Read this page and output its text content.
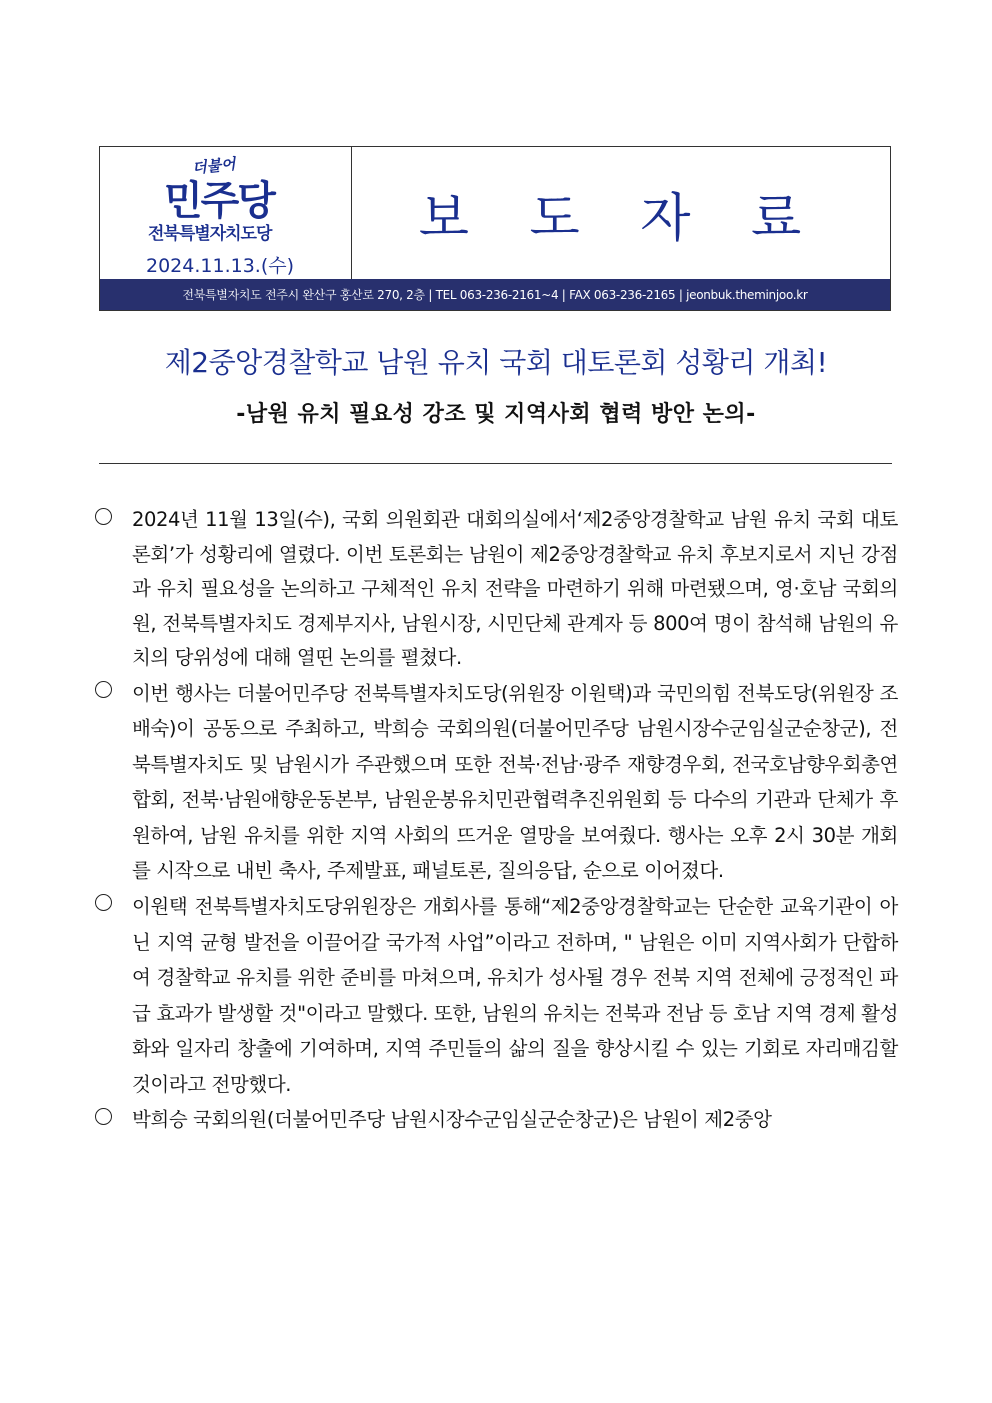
더불어
민주당
전북특별자치도당
2024.11.13.(수)
보 도 자 료
전북특별자치도 전주시 완산구 홍산로 270, 2층 | TEL 063-236-2161~4 | FAX 063-236-2165 | jeonbuk.theminjoo.kr
제2중앙경찰학교 남원 유치 국회 대토론회 성황리 개최!
-남원 유치 필요성 강조 및 지역사회 협력 방안 논의-
2024년 11월 13일(수), 국회 의원회관 대회의실에서‘제2중앙경찰학교 남원 유치 국회 대토론회’가 성황리에 열렸다. 이번 토론회는 남원이 제2중앙경찰학교 유치 후보지로서 지닌 강점과 유치 필요성을 논의하고 구체적인 유치 전략을 마련하기 위해 마련됐으며, 영·호남 국회의원, 전북특별자치도 경제부지사, 남원시장, 시민단체 관계자 등 800여 명이 참석해 남원의 유치의 당위성에 대해 열띤 논의를 펼쳤다.
이번 행사는 더불어민주당 전북특별자치도당(위원장 이원택)과 국민의힘 전북도당(위원장 조배숙)이 공동으로 주최하고, 박희승 국회의원(더불어민주당 남원시장수군임실군순창군), 전북특별자치도 및 남원시가 주관했으며 또한 전북·전남·광주 재향경우회, 전국호남향우회총연합회, 전북·남원애향운동본부, 남원운봉유치민관협력추진위원회 등 다수의 기관과 단체가 후원하여, 남원 유치를 위한 지역 사회의 뜨거운 열망을 보여줬다. 행사는 오후 2시 30분 개회를 시작으로 내빈 축사, 주제발표, 패널토론, 질의응답, 순으로 이어졌다.
이원택 전북특별자치도당위원장은 개회사를 통해“제2중앙경찰학교는 단순한 교육기관이 아닌 지역 균형 발전을 이끌어갈 국가적 사업”이라고 전하며, " 남원은 이미 지역사회가 단합하여 경찰학교 유치를 위한 준비를 마쳐으며, 유치가 성사될 경우 전북 지역 전체에 긍정적인 파급 효과가 발생할 것"이라고 말했다. 또한, 남원의 유치는 전북과 전남 등 호남 지역 경제 활성화와 일자리 창출에 기여하며, 지역 주민들의 삶의 질을 향상시킬 수 있는 기회로 자리매김할 것이라고 전망했다.
박희승 국회의원(더불어민주당 남원시장수군임실군순창군)은 남원이 제2중앙
